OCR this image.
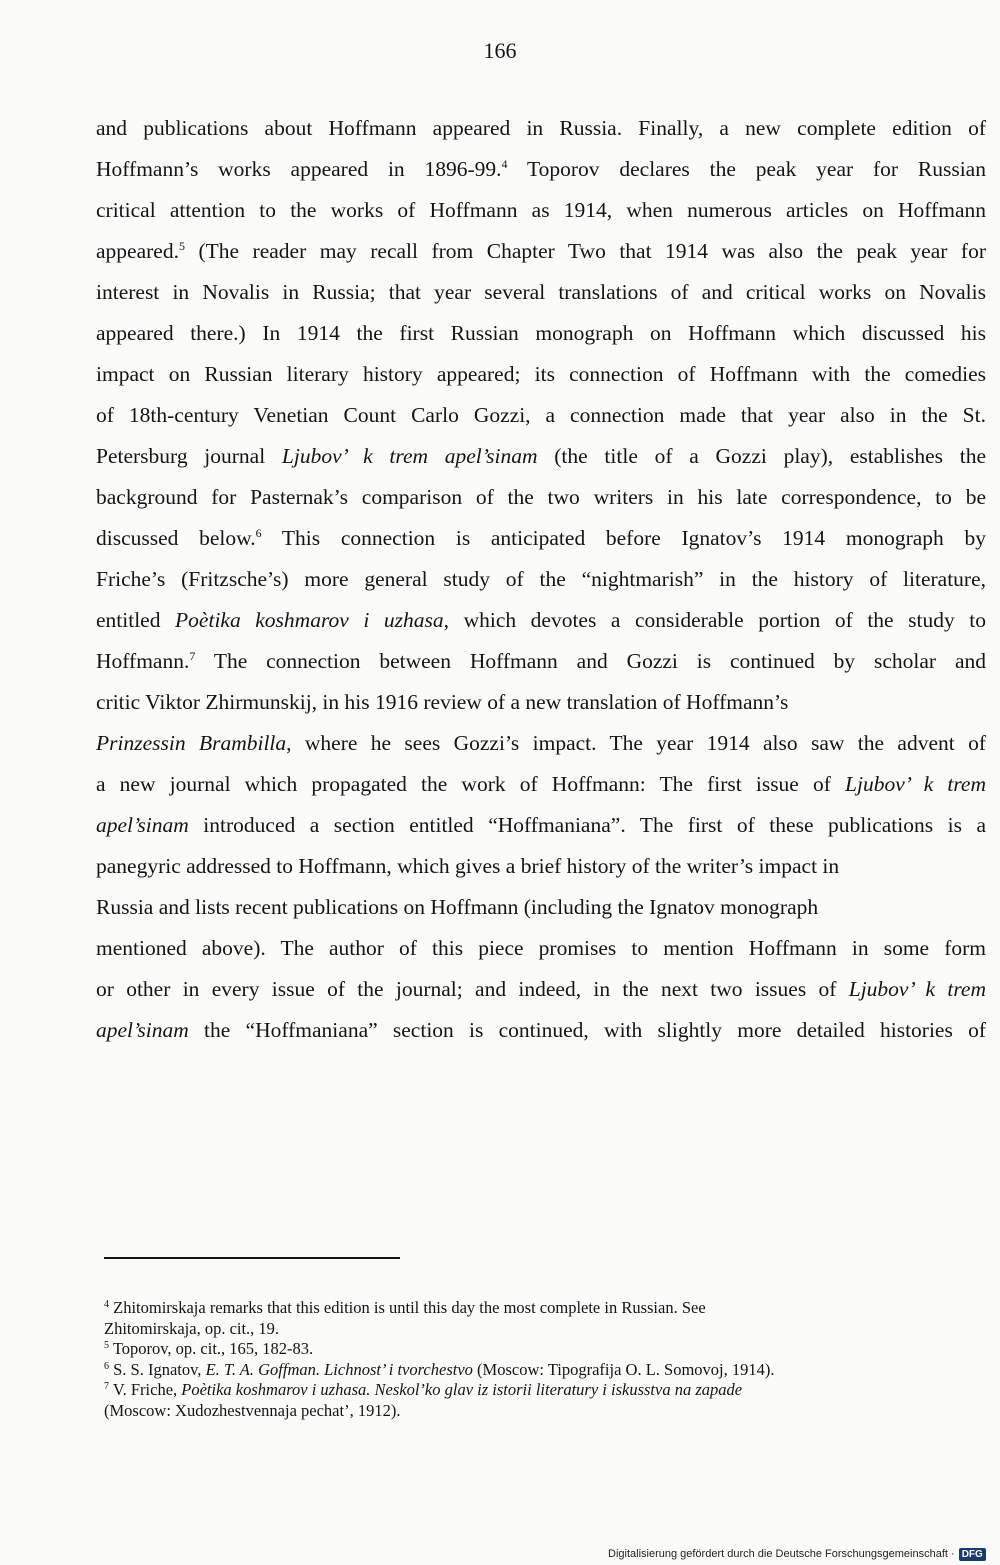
166
and publications about Hoffmann appeared in Russia. Finally, a new complete edition of
Hoffmann’s works appeared in 1896-99.$^4$ Toporov declares the peak year for Russian
critical attention to the works of Hoffmann as 1914, when numerous articles on Hoffmann
appeared.$^5$ (The reader may recall from Chapter Two that 1914 was also the peak year for
interest in Novalis in Russia; that year several translations of and critical works on Novalis
appeared there.) In 1914 the first Russian monograph on Hoffmann which discussed his
impact on Russian literary history appeared; its connection of Hoffmann with the comedies
of 18th-century Venetian Count Carlo Gozzi, a connection made that year also in the St.
Petersburg journal Ljubov’ k trem apel’sinam (the title of a Gozzi play), establishes the
background for Pasternak’s comparison of the two writers in his late correspondence, to be
discussed below.$^6$ This connection is anticipated before Ignatov’s 1914 monograph by
Friche’s (Fritzsche’s) more general study of the “nightmarish” in the history of literature,
entitled Poètika koshmarov i uzhasa, which devotes a considerable portion of the study to
Hoffmann.$^7$ The connection between Hoffmann and Gozzi is continued by scholar and
critic Viktor Zhirmunskij, in his 1916 review of a new translation of Hoffmann’s
Prinzessin Brambilla, where he sees Gozzi’s impact. The year 1914 also saw the advent of
a new journal which propagated the work of Hoffmann: The first issue of Ljubov’ k trem
apel’sinam introduced a section entitled “Hoffmaniana”. The first of these publications is a
panegyric addressed to Hoffmann, which gives a brief history of the writer’s impact in
Russia and lists recent publications on Hoffmann (including the Ignatov monograph
mentioned above). The author of this piece promises to mention Hoffmann in some form
or other in every issue of the journal; and indeed, in the next two issues of Ljubov’ k trem
apel’sinam the “Hoffmaniana” section is continued, with slightly more detailed histories of
$^4$ Zhitomirskaja remarks that this edition is until this day the most complete in Russian. See
Zhitomirskaja, op. cit., 19.
$^5$ Toporov, op. cit., 165, 182-83.
$^6$ S. S. Ignatov, E. T. A. Goffman. Lichnost’ i tvorchestvo (Moscow: Tipografija O. L. Somovoj, 1914).
$^7$ V. Friche, Poètika koshmarov i uzhasa. Neskol’ko glav iz istorii literatury i iskusstva na zapade
(Moscow: Xudozhestvennaja pechat’, 1912).
Digitalisierung gefördert durch die Deutsche Forschungsgemeinschaft · DFG
